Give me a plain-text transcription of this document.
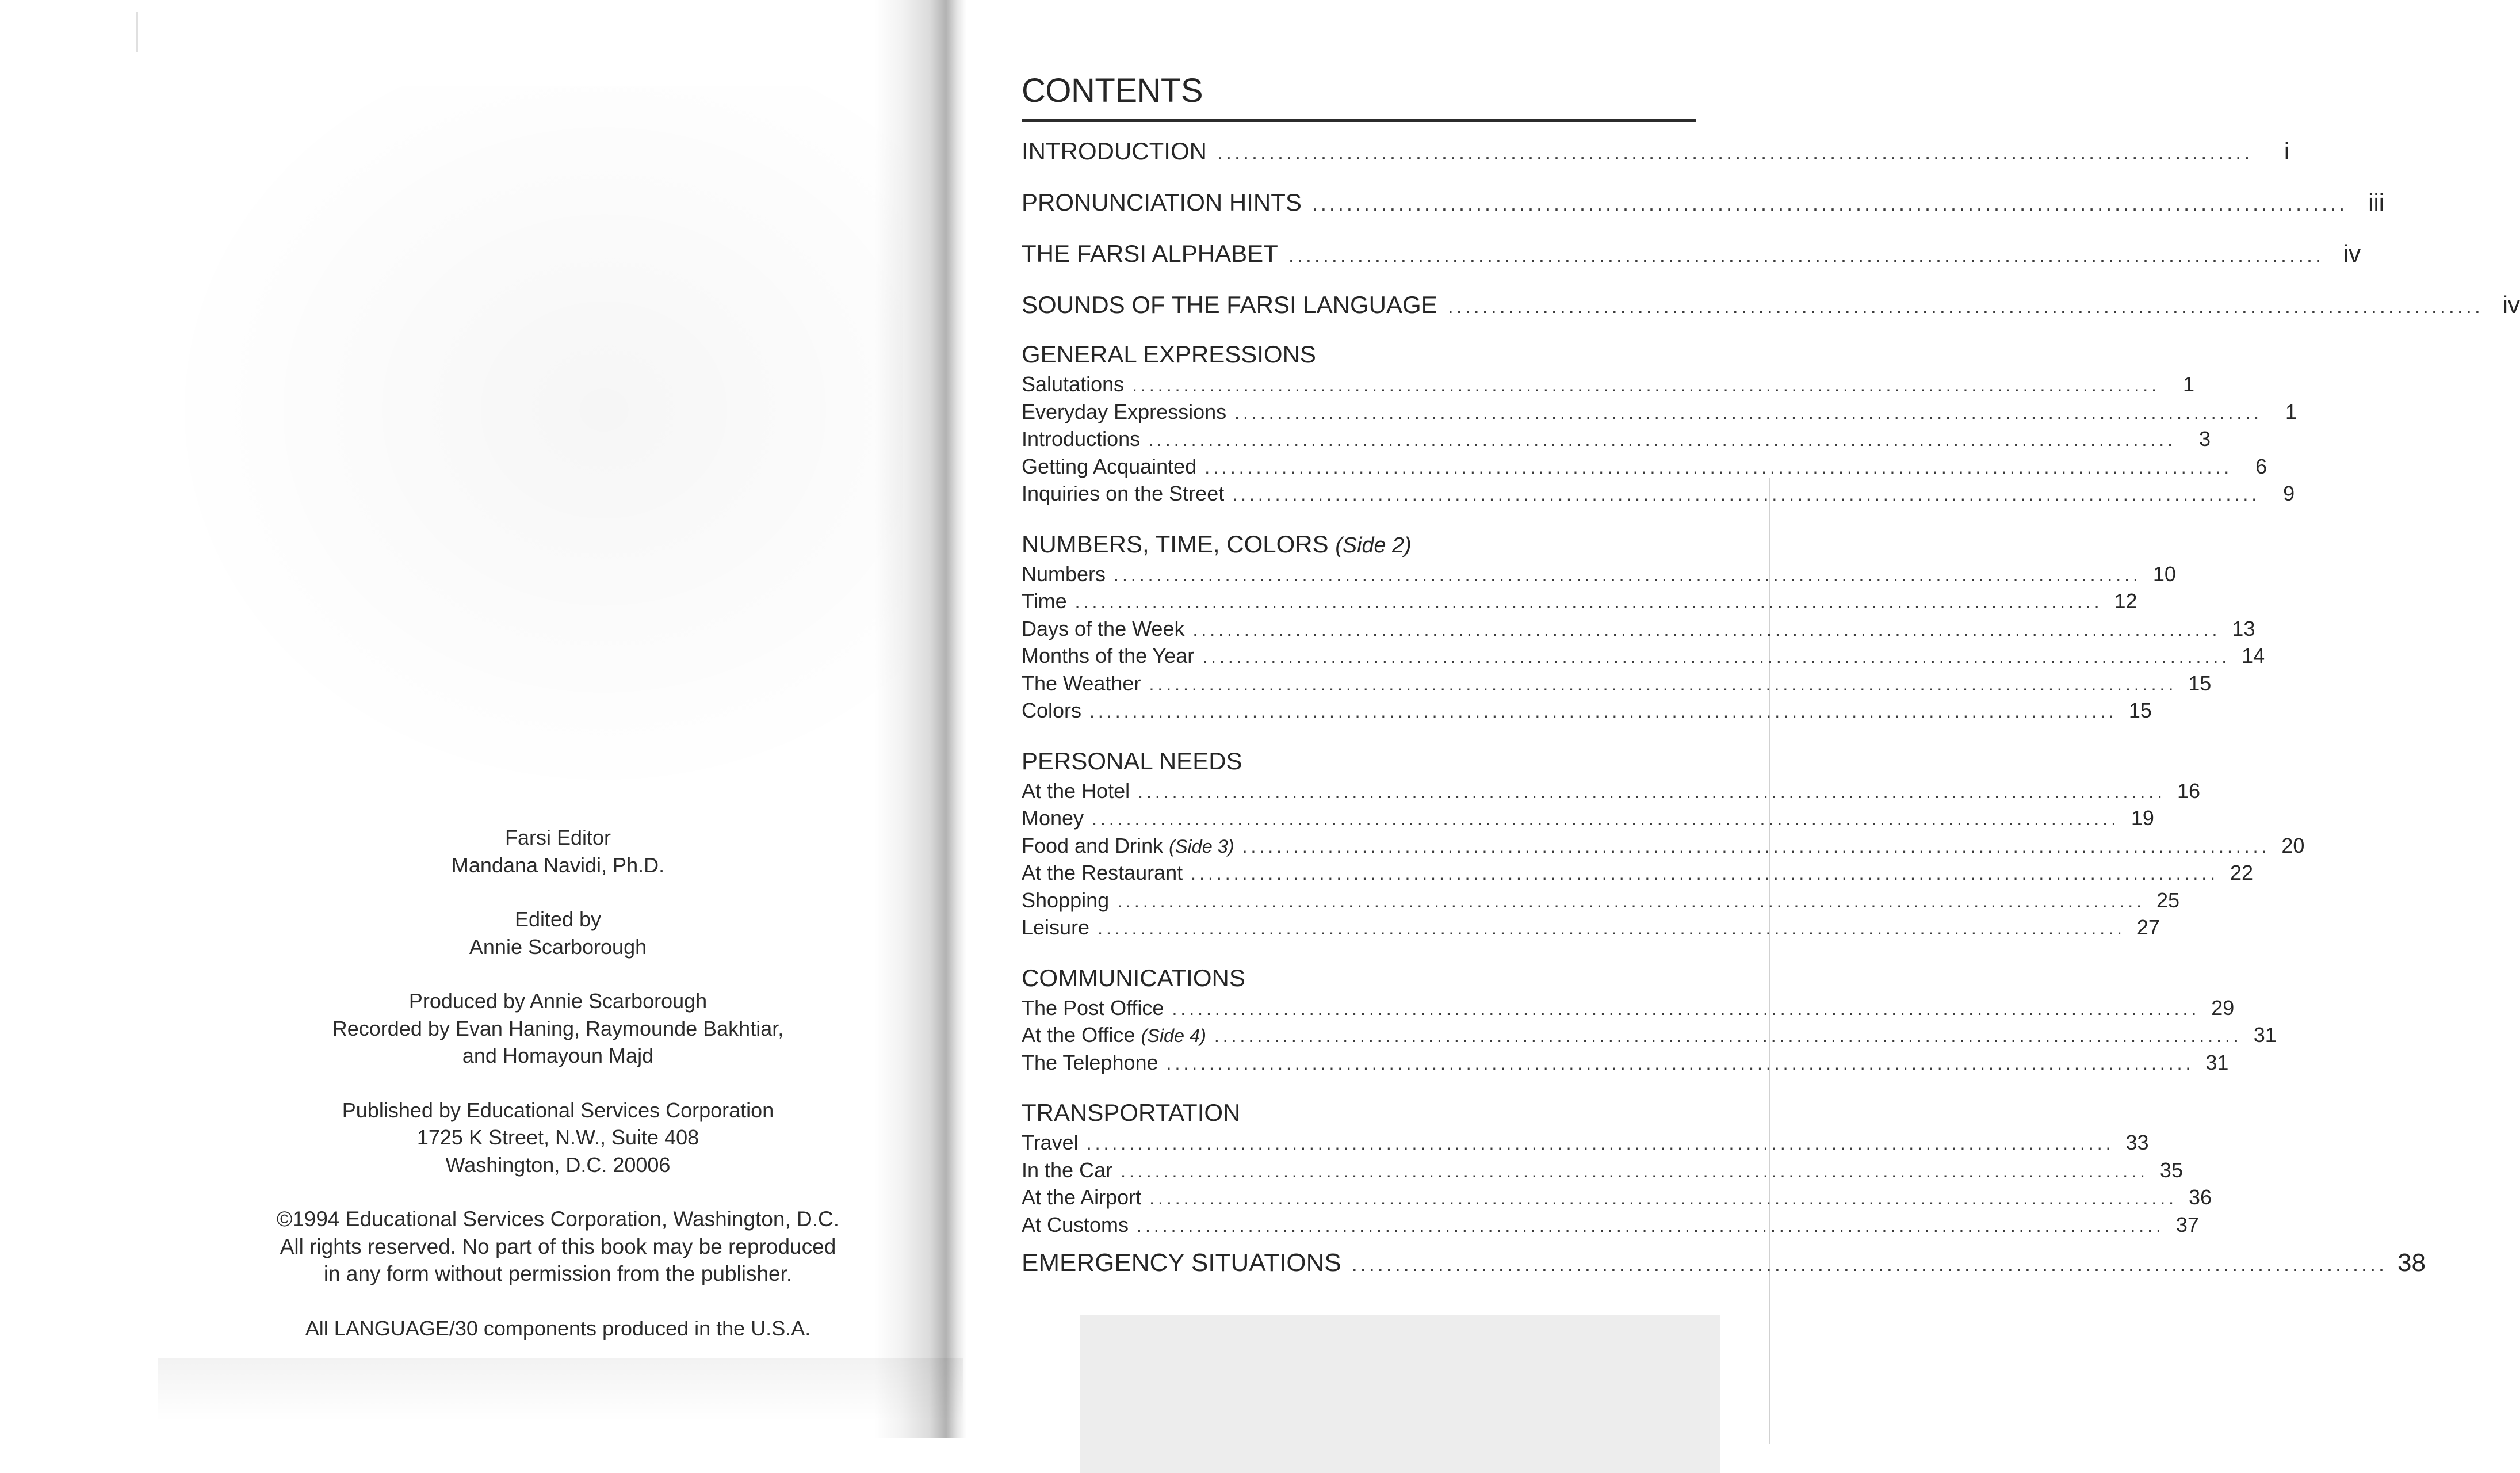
Farsi Editor
Mandana Navidi, Ph.D.
Edited by
Annie Scarborough
Produced by Annie Scarborough
Recorded by Evan Haning, Raymounde Bakhtiar,
and Homayoun Majd
Published by Educational Services Corporation
1725 K Street, N.W., Suite 408
Washington, D.C. 20006
©1994 Educational Services Corporation, Washington, D.C.
All rights reserved. No part of this book may be reproduced
in any form without permission from the publisher.
All LANGUAGE/30 components produced in the U.S.A.
CONTENTS
INTRODUCTION ........................................................................................................................	i
PRONUNCIATION HINTS ........................................................................................................................ iii
THE FARSI ALPHABET ........................................................................................................................ iv
SOUNDS OF THE FARSI LANGUAGE ........................................................................................................................ iv
GENERAL EXPRESSIONS
Salutations ........................................................................................................................	1
Everyday Expressions ........................................................................................................................	1
Introductions ........................................................................................................................	3
Getting Acquainted ........................................................................................................................	6
Inquiries on the Street ........................................................................................................................	9
NUMBERS, TIME, COLORS (Side 2)
Numbers ........................................................................................................................ 10
Time ........................................................................................................................ 12
Days of the Week ........................................................................................................................ 13
Months of the Year ........................................................................................................................ 14
The Weather ........................................................................................................................ 15
Colors ........................................................................................................................ 15
PERSONAL NEEDS
At the Hotel ........................................................................................................................ 16
Money ........................................................................................................................ 19
Food and Drink (Side 3) ........................................................................................................................ 20
At the Restaurant ........................................................................................................................ 22
Shopping ........................................................................................................................ 25
Leisure ........................................................................................................................ 27
COMMUNICATIONS
The Post Office ........................................................................................................................ 29
At the Office (Side 4) ........................................................................................................................ 31
The Telephone ........................................................................................................................ 31
TRANSPORTATION
Travel ........................................................................................................................ 33
In the Car ........................................................................................................................ 35
At the Airport ........................................................................................................................ 36
At Customs ........................................................................................................................ 37
EMERGENCY SITUATIONS ........................................................................................................................ 38
